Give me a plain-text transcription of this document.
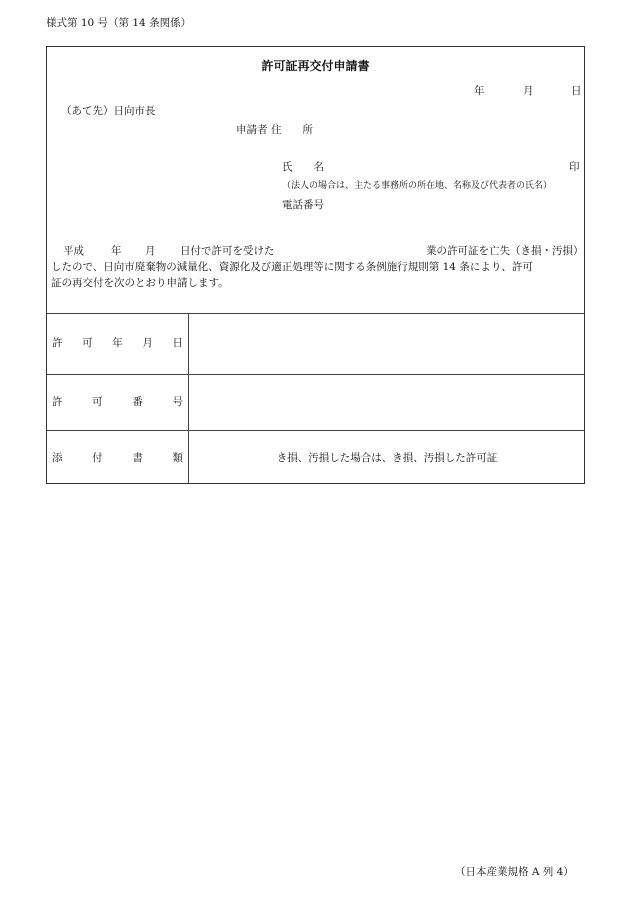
様式第 10 号（第 14 条関係）
許可証再交付申請書
年	月	日
（あて先）日向市長
申請者 住　　所
氏　　名	印
（法人の場合は、主たる事務所の所在地、名称及び代表者の氏名）
電話番号
平成	年 月 日付で許可を受けた	業の許可証を亡失（き損・汚損）
したので、日向市廃棄物の減量化、資源化及び適正処理等に関する条例施行規則第 14 条により、許可
証の再交付を次のとおり申請します。
許 可 年 月 日
許	可	番	号
添	付	書	類	き損、汚損した場合は、き損、汚損した許可証
（日本産業規格 A 列 4）
